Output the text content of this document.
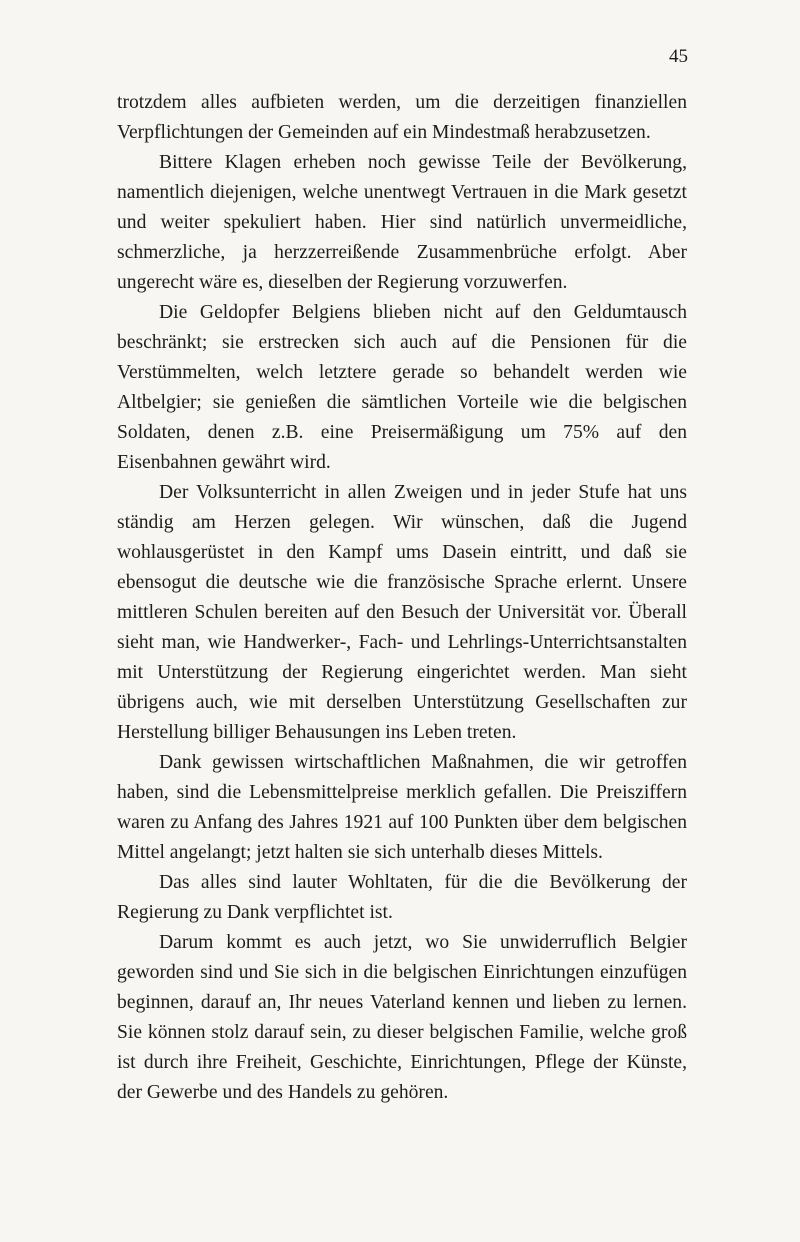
45

trotzdem alles aufbieten werden, um die derzeitigen finanziellen Verpflichtungen der Gemeinden auf ein Mindestmaß herabzusetzen.

Bittere Klagen erheben noch gewisse Teile der Bevölkerung, namentlich diejenigen, welche unentwegt Vertrauen in die Mark gesetzt und weiter spekuliert haben. Hier sind natürlich unvermeidliche, schmerzliche, ja herzzerreißende Zusammenbrüche erfolgt. Aber ungerecht wäre es, dieselben der Regierung vorzuwerfen.

Die Geldopfer Belgiens blieben nicht auf den Geldumtausch beschränkt; sie erstrecken sich auch auf die Pensionen für die Verstümmelten, welch letztere gerade so behandelt werden wie Altbelgier; sie genießen die sämtlichen Vorteile wie die belgischen Soldaten, denen z.B. eine Preisermäßigung um 75% auf den Eisenbahnen gewährt wird.

Der Volksunterricht in allen Zweigen und in jeder Stufe hat uns ständig am Herzen gelegen. Wir wünschen, daß die Jugend wohlausgerüstet in den Kampf ums Dasein eintritt, und daß sie ebensogut die deutsche wie die französische Sprache erlernt. Unsere mittleren Schulen bereiten auf den Besuch der Universität vor. Überall sieht man, wie Handwerker-, Fach- und Lehrlings-Unterrichtsanstalten mit Unterstützung der Regierung eingerichtet werden. Man sieht übrigens auch, wie mit derselben Unterstützung Gesellschaften zur Herstellung billiger Behausungen ins Leben treten.

Dank gewissen wirtschaftlichen Maßnahmen, die wir getroffen haben, sind die Lebensmittelpreise merklich gefallen. Die Preisziffern waren zu Anfang des Jahres 1921 auf 100 Punkten über dem belgischen Mittel angelangt; jetzt halten sie sich unterhalb dieses Mittels.

Das alles sind lauter Wohltaten, für die die Bevölkerung der Regierung zu Dank verpflichtet ist.

Darum kommt es auch jetzt, wo Sie unwiderruflich Belgier geworden sind und Sie sich in die belgischen Einrichtungen einzufügen beginnen, darauf an, Ihr neues Vaterland kennen und lieben zu lernen. Sie können stolz darauf sein, zu dieser belgischen Familie, welche groß ist durch ihre Freiheit, Geschichte, Einrichtungen, Pflege der Künste, der Gewerbe und des Handels zu gehören.
